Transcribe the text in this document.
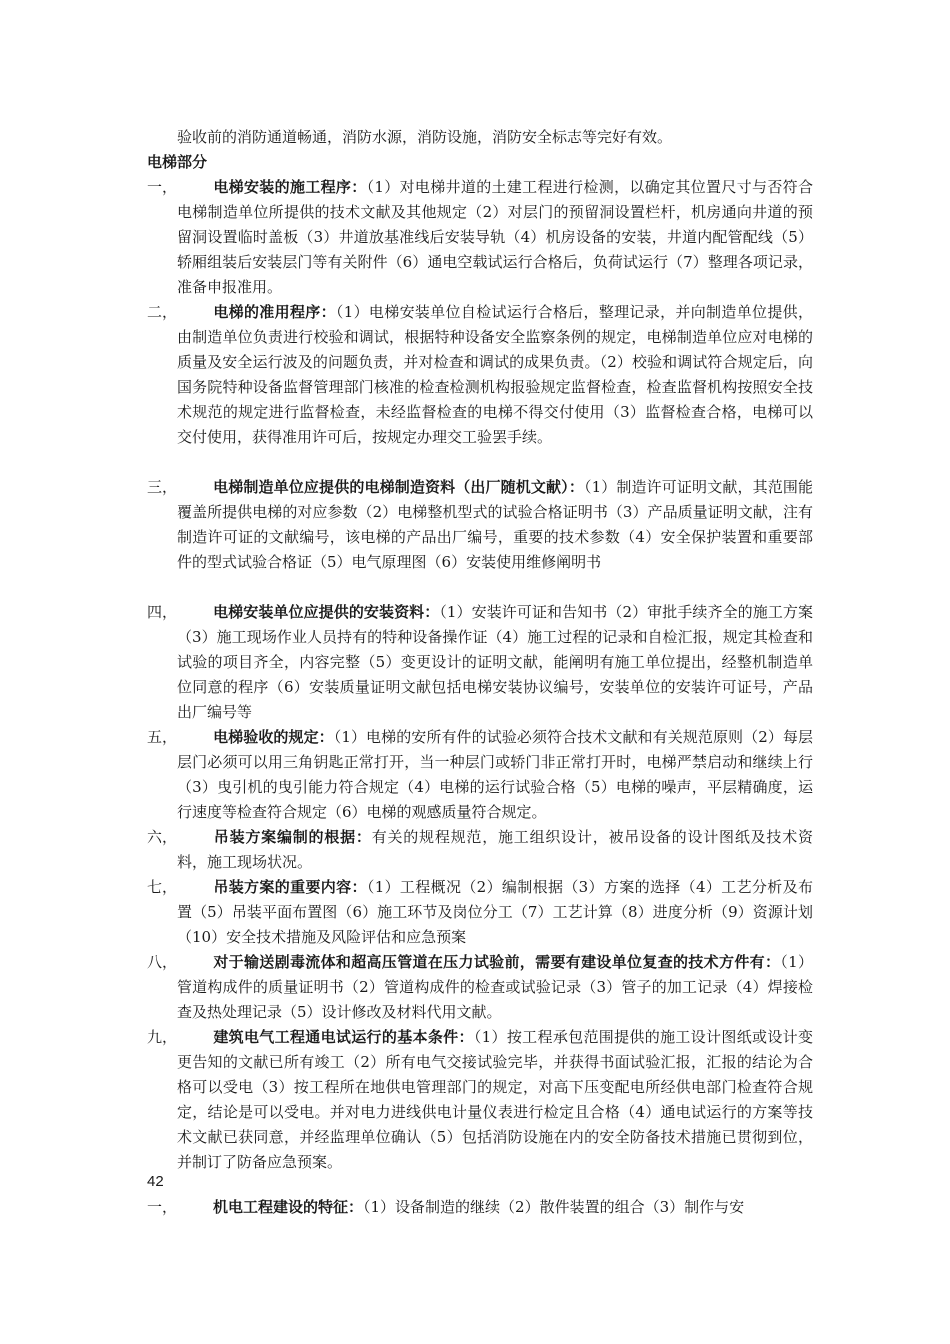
验收前的消防通道畅通，消防水源，消防设施，消防安全标志等完好有效。
电梯部分
一，	电梯安装的施工程序：（1）对电梯井道的土建工程进行检测，以确定其位置尺寸与否符合电梯制造单位所提供的技术文献及其他规定（2）对层门的预留洞设置栏杆，机房通向井道的预留洞设置临时盖板（3）井道放基准线后安装导轨（4）机房设备的安装，井道内配管配线（5）轿厢组装后安装层门等有关附件（6）通电空载试运行合格后，负荷试运行（7）整理各项记录，准备申报准用。
二，	电梯的准用程序：（1）电梯安装单位自检试运行合格后，整理记录，并向制造单位提供，由制造单位负责进行校验和调试，根据特种设备安全监察条例的规定，电梯制造单位应对电梯的质量及安全运行波及的问题负责，并对检查和调试的成果负责。（2）校验和调试符合规定后，向国务院特种设备监督管理部门核准的检查检测机构报验规定监督检查，检查监督机构按照安全技术规范的规定进行监督检查，未经监督检查的电梯不得交付使用（3）监督检查合格，电梯可以交付使用，获得准用许可后，按规定办理交工验罢手续。
三，	电梯制造单位应提供的电梯制造资料（出厂随机文献）：（1）制造许可证明文献，其范围能覆盖所提供电梯的对应参数（2）电梯整机型式的试验合格证明书（3）产品质量证明文献，注有制造许可证的文献编号，该电梯的产品出厂编号，重要的技术参数（4）安全保护装置和重要部件的型式试验合格证（5）电气原理图（6）安装使用维修阐明书
四，	电梯安装单位应提供的安装资料：（1）安装许可证和告知书（2）审批手续齐全的施工方案（3）施工现场作业人员持有的特种设备操作证（4）施工过程的记录和自检汇报，规定其检查和试验的项目齐全，内容完整（5）变更设计的证明文献，能阐明有施工单位提出，经整机制造单位同意的程序（6）安装质量证明文献包括电梯安装协议编号，安装单位的安装许可证号，产品出厂编号等
五，	电梯验收的规定：（1）电梯的安所有件的试验必须符合技术文献和有关规范原则（2）每层层门必须可以用三角钥匙正常打开，当一种层门或轿门非正常打开时，电梯严禁启动和继续上行（3）曳引机的曳引能力符合规定（4）电梯的运行试验合格（5）电梯的噪声，平层精确度，运行速度等检查符合规定（6）电梯的观感质量符合规定。
六，	吊装方案编制的根据：有关的规程规范，施工组织设计，被吊设备的设计图纸及技术资料，施工现场状况。
七，	吊装方案的重要内容：（1）工程概况（2）编制根据（3）方案的选择（4）工艺分析及布置（5）吊装平面布置图（6）施工环节及岗位分工（7）工艺计算（8）进度分析（9）资源计划（10）安全技术措施及风险评估和应急预案
八，	对于输送剧毒流体和超高压管道在压力试验前，需要有建设单位复查的技术方件有：（1）管道构成件的质量证明书（2）管道构成件的检查或试验记录（3）管子的加工记录（4）焊接检查及热处理记录（5）设计修改及材料代用文献。
九，	建筑电气工程通电试运行的基本条件：（1）按工程承包范围提供的施工设计图纸或设计变更告知的文献已所有竣工（2）所有电气交接试验完毕，并获得书面试验汇报，汇报的结论为合格可以受电（3）按工程所在地供电管理部门的规定，对高下压变配电所经供电部门检查符合规定，结论是可以受电。并对电力进线供电计量仪表进行检定且合格（4）通电试运行的方案等技术文献已获同意，并经监理单位确认（5）包括消防设施在内的安全防备技术措施已贯彻到位，并制订了防备应急预案。
42
一，	机电工程建设的特征：（1）设备制造的继续（2）散件装置的组合（3）制作与安
